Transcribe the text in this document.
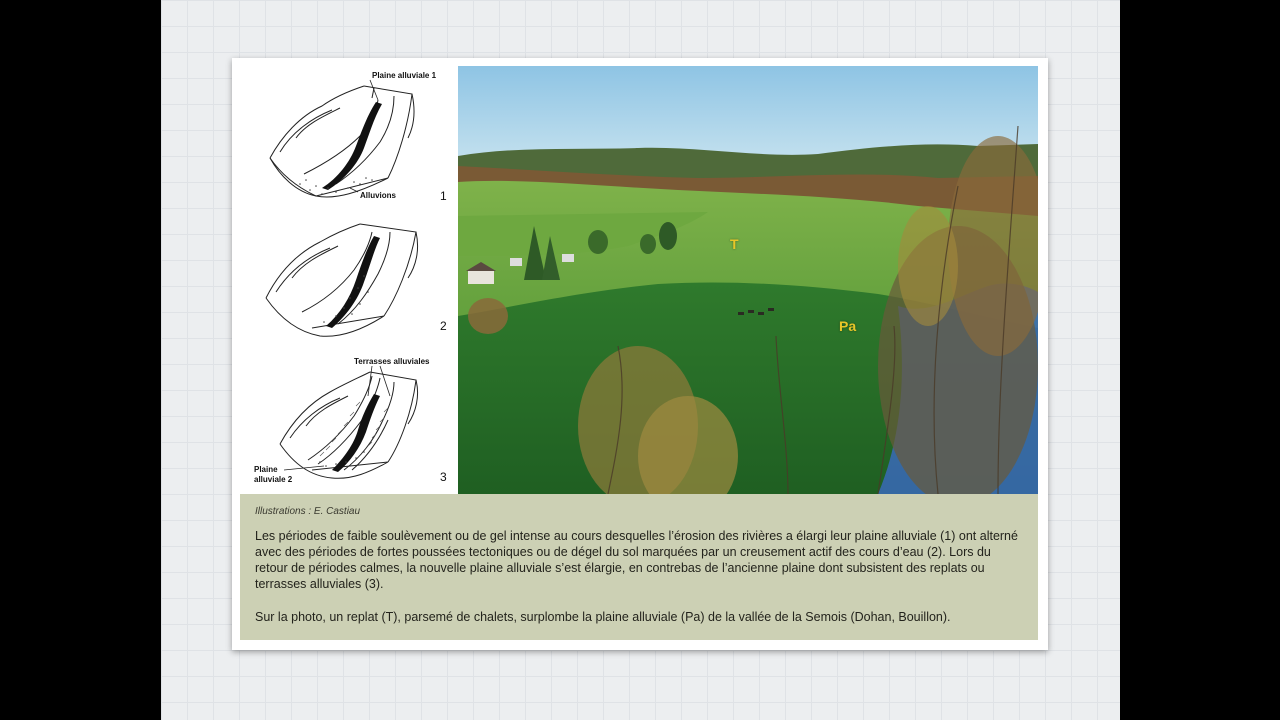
Plaine alluviale 1
Alluvions	1
2
Terrasses alluviales
Plaine
alluviale 2	3
T
Pa
Illustrations : E. Castiau
Les périodes de faible soulèvement ou de gel intense au cours desquelles l’érosion des rivières a élargi leur plaine alluviale (1) ont alterné avec des périodes de fortes poussées tectoniques ou de dégel du sol marquées par un creusement actif des cours d’eau (2). Lors du retour de périodes calmes, la nouvelle plaine alluviale s’est élargie, en contrebas de l’ancienne plaine dont subsistent des replats ou terrasses alluviales (3).
Sur la photo, un replat (T), parsemé de chalets, surplombe la plaine alluviale (Pa) de la vallée de la Semois (Dohan, Bouillon).
